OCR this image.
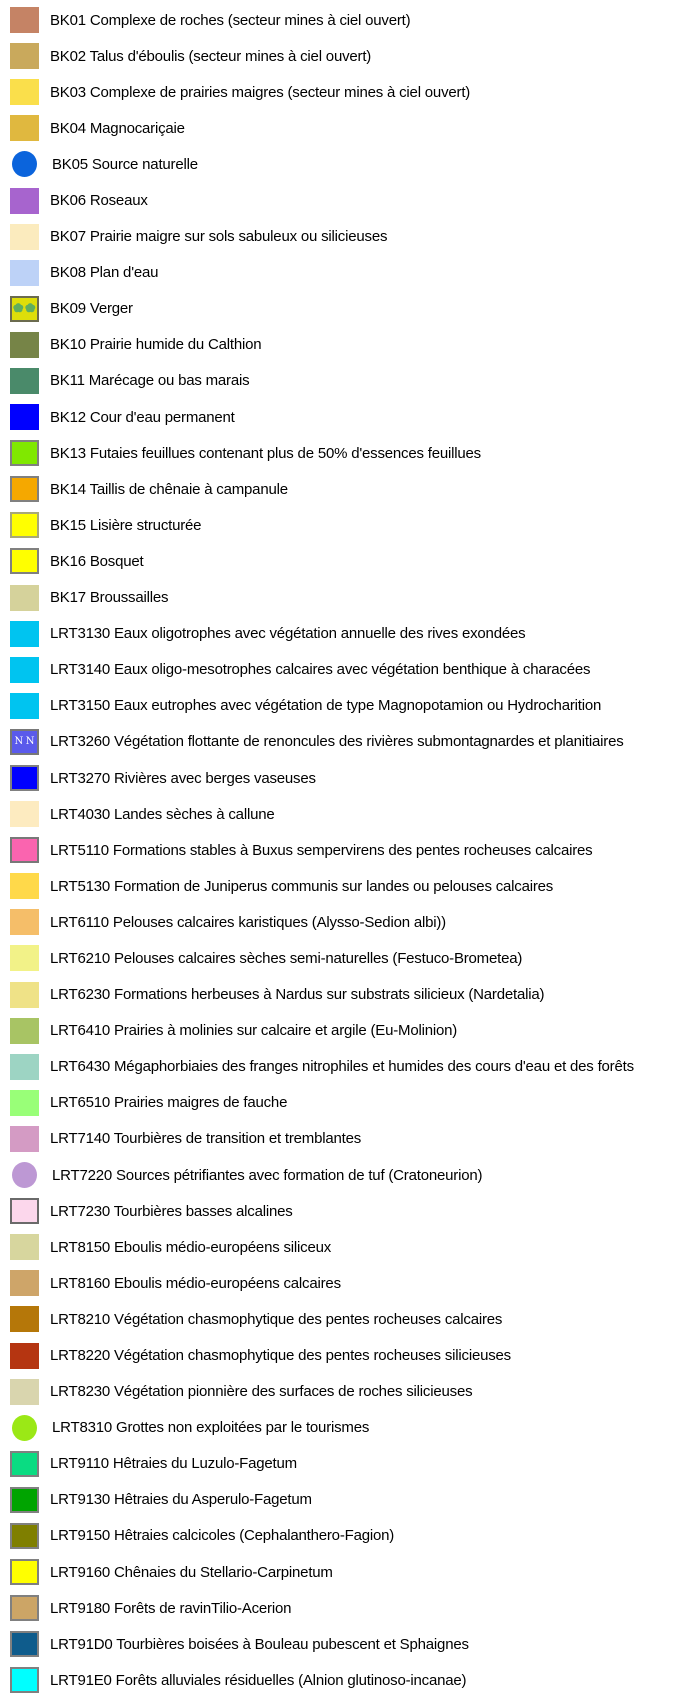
BK01 Complexe de roches (secteur mines à ciel ouvert)
BK02 Talus d'éboulis (secteur mines à ciel ouvert)
BK03 Complexe de prairies maigres (secteur mines à ciel ouvert)
BK04 Magnocariçaie
BK05 Source naturelle
BK06 Roseaux
BK07 Prairie maigre sur sols sabuleux ou silicieuses
BK08 Plan d'eau
BK09 Verger
BK10 Prairie humide du Calthion
BK11 Marécage ou bas marais
BK12 Cour d'eau permanent
BK13 Futaies feuillues contenant plus de 50% d'essences feuillues
BK14 Taillis de chênaie à campanule
BK15 Lisière structurée
BK16 Bosquet
BK17 Broussailles
LRT3130 Eaux oligotrophes avec végétation annuelle des rives exondées
LRT3140 Eaux oligo-mesotrophes calcaires avec végétation benthique à characées
LRT3150 Eaux eutrophes avec végétation de type Magnopotamion ou Hydrocharition
N N LRT3260 Végétation flottante de renoncules des rivières submontagnardes et planitiaires
LRT3270 Rivières avec berges vaseuses
LRT4030 Landes sèches à callune
LRT5110 Formations stables à Buxus sempervirens des pentes rocheuses calcaires
LRT5130 Formation de Juniperus communis sur landes ou pelouses calcaires
LRT6110 Pelouses calcaires karistiques (Alysso-Sedion albi))
LRT6210 Pelouses calcaires sèches semi-naturelles (Festuco-Brometea)
LRT6230 Formations herbeuses à Nardus sur substrats silicieux (Nardetalia)
LRT6410 Prairies à molinies sur calcaire et argile (Eu-Molinion)
LRT6430 Mégaphorbiaies des franges nitrophiles et humides des cours d'eau et des forêts
LRT6510 Prairies maigres de fauche
LRT7140 Tourbières de transition et tremblantes
LRT7220 Sources pétrifiantes avec formation de tuf (Cratoneurion)
LRT7230 Tourbières basses alcalines
LRT8150 Eboulis médio-européens siliceux
LRT8160 Eboulis médio-européens calcaires
LRT8210 Végétation chasmophytique des pentes rocheuses calcaires
LRT8220 Végétation chasmophytique des pentes rocheuses silicieuses
LRT8230 Végétation pionnière des surfaces de roches silicieuses
LRT8310 Grottes non exploitées par le tourismes
LRT9110 Hêtraies du Luzulo-Fagetum
LRT9130 Hêtraies du Asperulo-Fagetum
LRT9150 Hêtraies calcicoles (Cephalanthero-Fagion)
LRT9160 Chênaies du Stellario-Carpinetum
LRT9180 Forêts de ravinTilio-Acerion
LRT91D0 Tourbières boisées à Bouleau pubescent et Sphaignes
LRT91E0 Forêts alluviales résiduelles (Alnion glutinoso-incanae)
